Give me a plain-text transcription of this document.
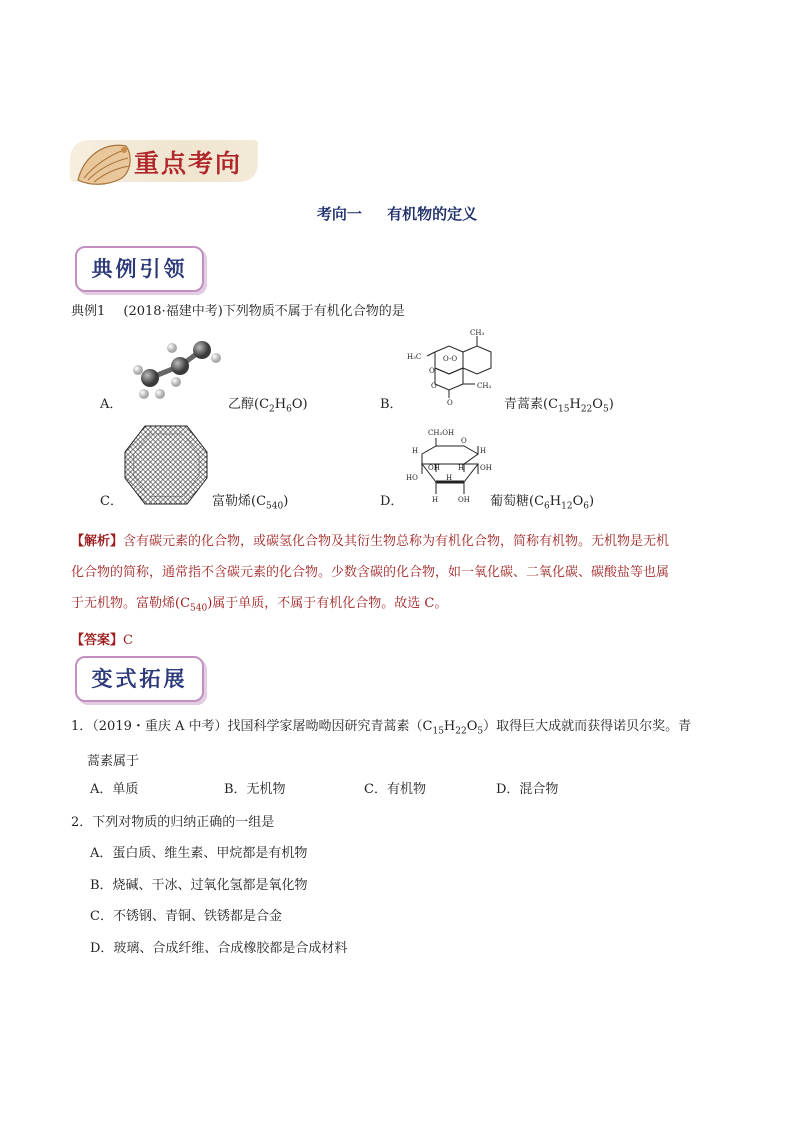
重点考向
考向一 有机物的定义
典例引领
典例1 (2018·福建中考)下列物质不属于有机化合物的是
A．	乙醇$(C_2H_6O)$	B．
CH₃
H₃C	O-O
O
O
O
CH₃
青蒿素$(C_{15}H_{22}O_5)$
C．	富勒烯$(C_{540})$	D．
CH₂OH
O
H	H
OH	H OH
HO	H
H	OH 葡萄糖$(C_6H_{12}O_6)$
【解析】含有碳元素的化合物，或碳氢化合物及其衍生物总称为有机化合物，简称有机物。无机物是无机
化合物的简称，通常指不含碳元素的化合物。少数含碳的化合物，如一氧化碳、二氧化碳、碳酸盐等也属
于无机物。富勒烯$(C_{540})$属于单质，不属于有机化合物。故选 C。
【答案】C
变式拓展
1．（2019・重庆 A 中考）找国科学家屠呦呦因研究青蒿素$(C_{15}H_{22}O_5)$取得巨大成就而获得诺贝尔奖。青
蒿素属于
A．单质	B．无机物	C．有机物	D．混合物
2．下列对物质的归纳正确的一组是
A．蛋白质、维生素、甲烷都是有机物
B．烧碱、干冰、过氧化氢都是氧化物
C．不锈钢、青铜、铁锈都是合金
D．玻璃、合成纤维、合成橡胶都是合成材料
